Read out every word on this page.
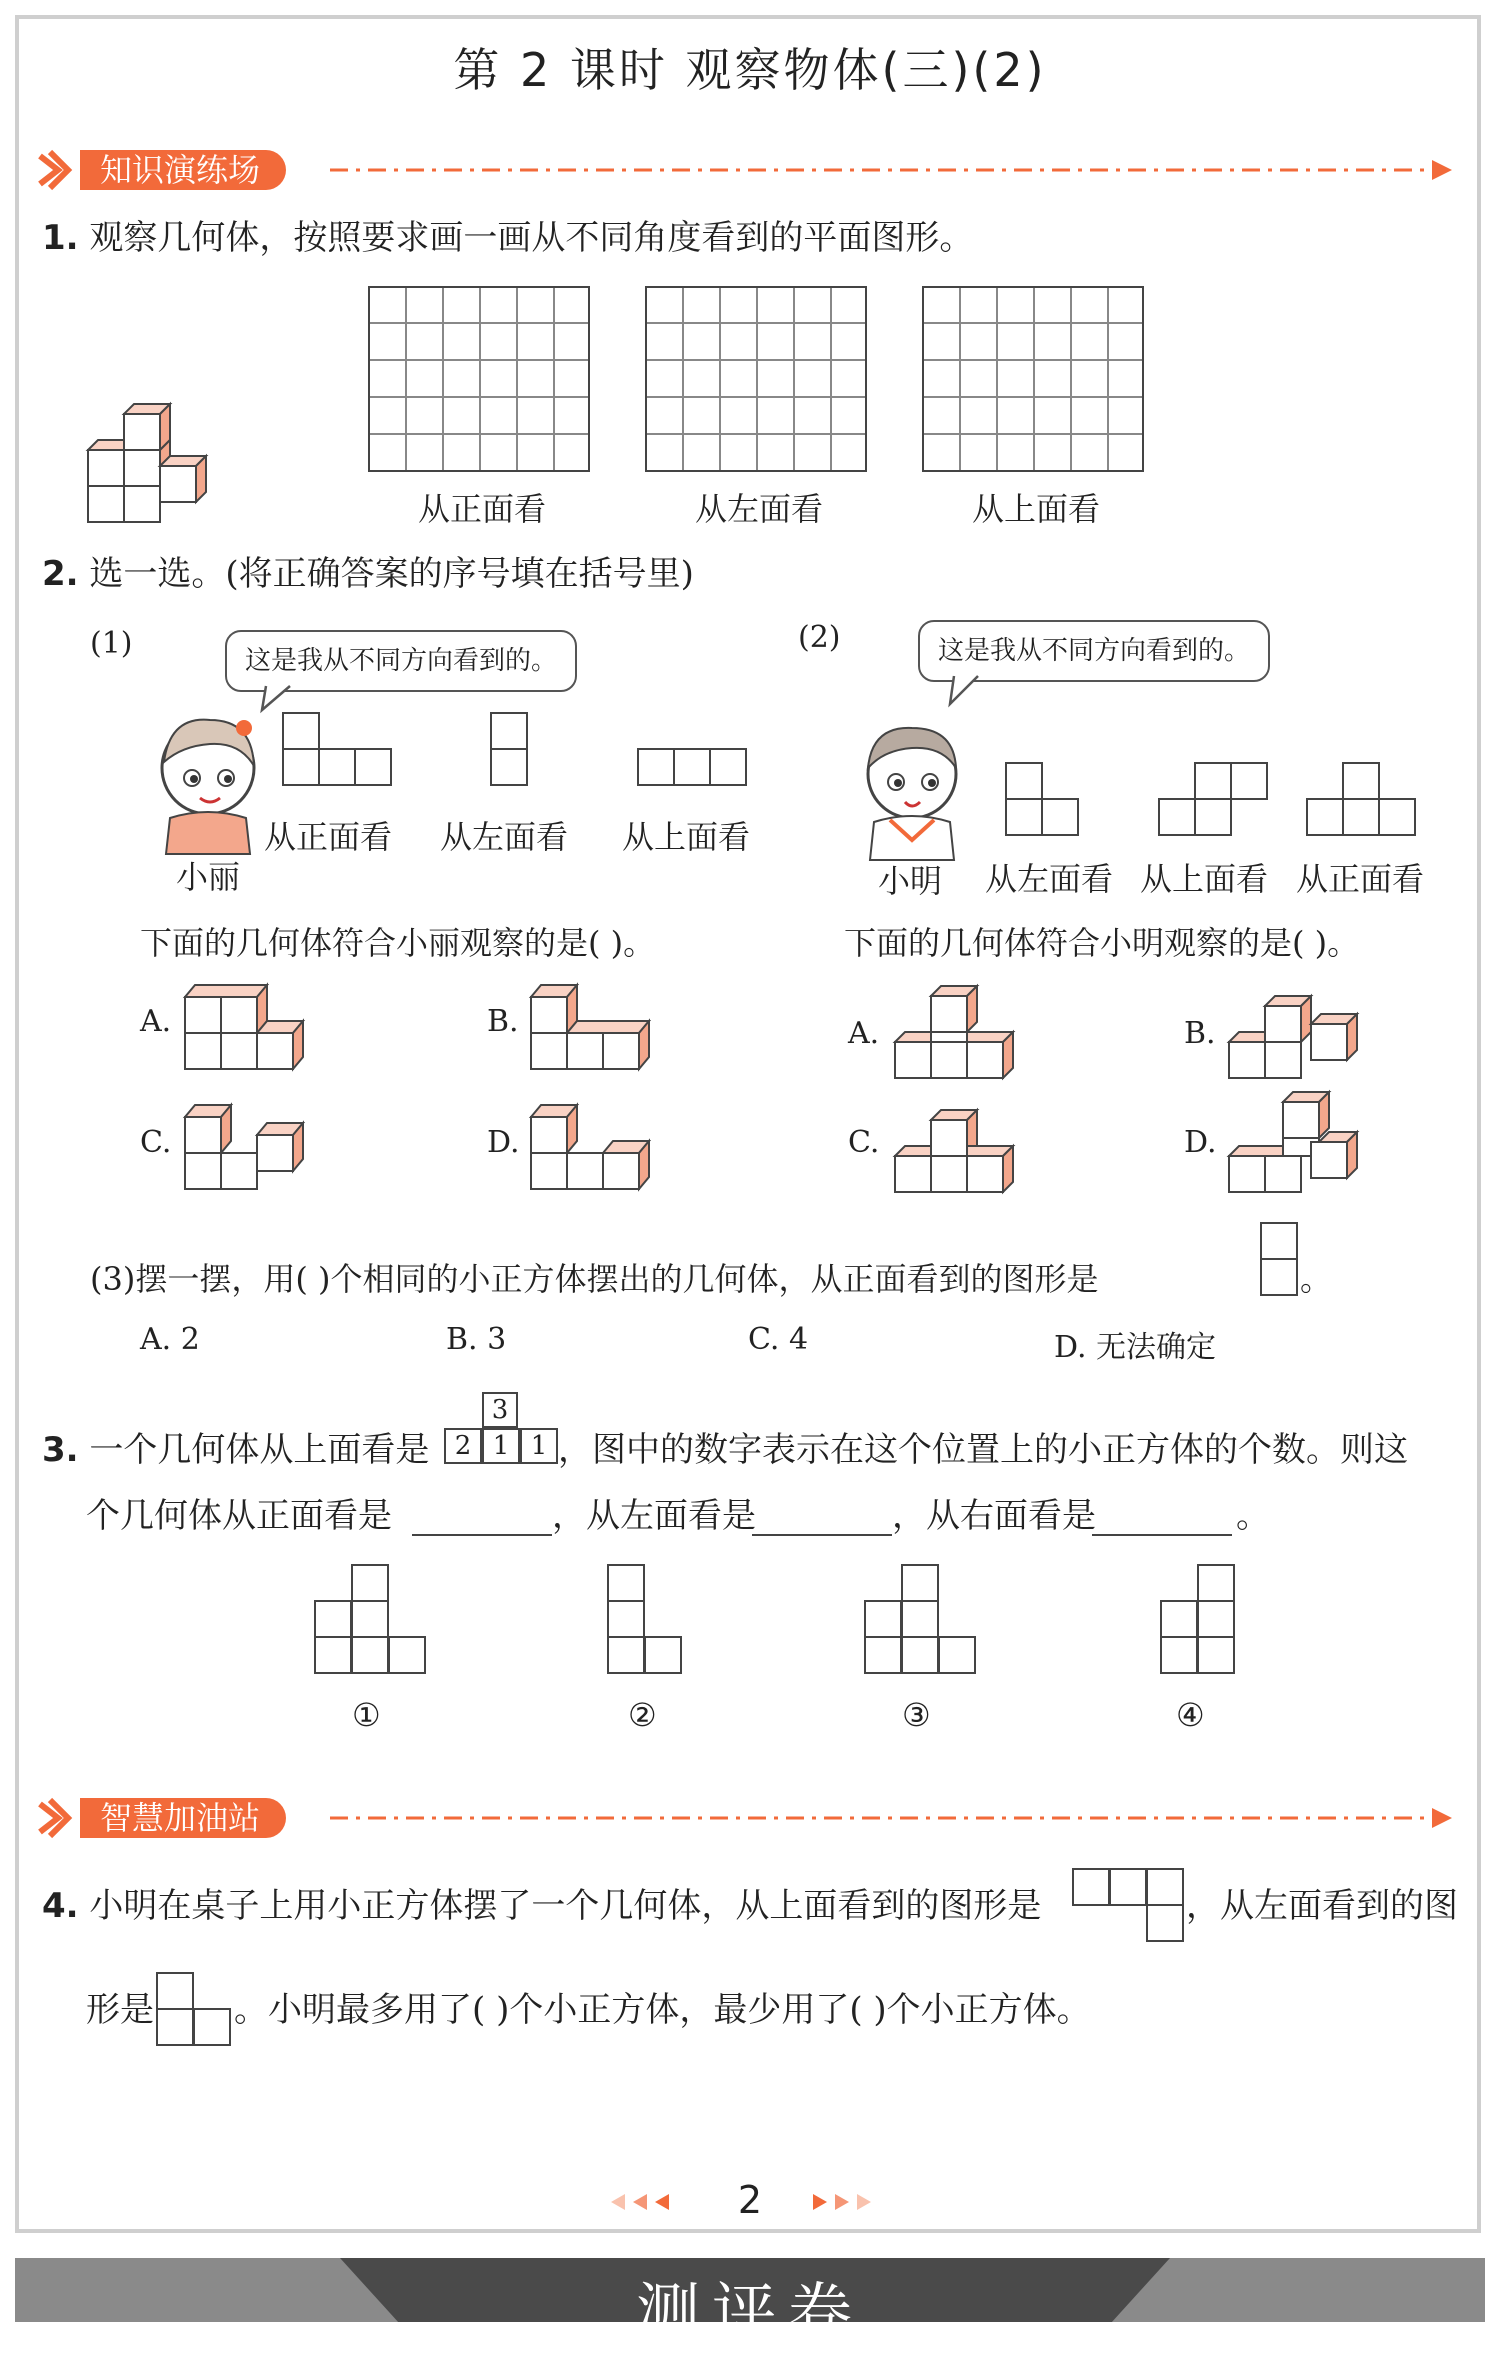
第 2 课时 观察物体(三)(2)
知识演练场
1. 观察几何体，按照要求画一画从不同角度看到的平面图形。
从正面看	从左面看	从上面看
2. 选一选。(将正确答案的序号填在括号里)
(1)	这是我从不同方向看到的。
小丽
从正面看 从左面看 从上面看
下面的几何体符合小丽观察的是( )。
A.	B.
C.	D.
(2)	这是我从不同方向看到的。
小明 从左面看 从上面看 从正面看
下面的几何体符合小明观察的是( )。
A.	B.
C.	D.
(3)摆一摆，用( )个相同的小正方体摆出的几何体，从正面看到的图形是	。
A. 2	B. 3	C. 4	D. 无法确定
3. 一个几何体从上面看是
3
2 1 1 ，图中的数字表示在这个位置上的小正方体的个数。则这
个几何体从正面看是	，从左面看是	，从右面看是	。
①	②	③	④
智慧加油站
4. 小明在桌子上用小正方体摆了一个几何体，从上面看到的图形是	，从左面看到的图
形是 。小明最多用了( )个小正方体，最少用了( )个小正方体。
2
测评卷
